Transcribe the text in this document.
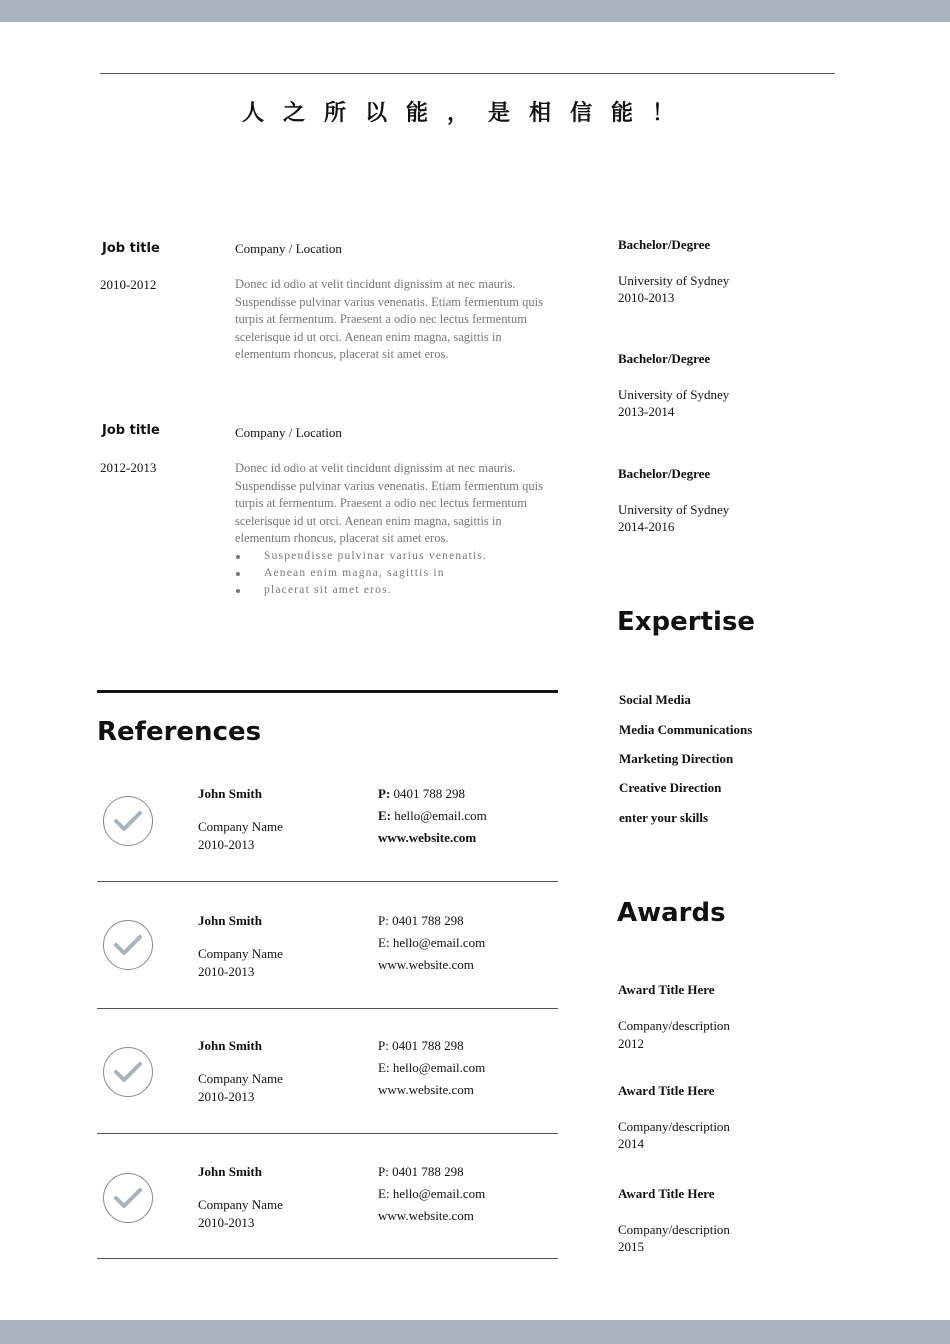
人之所以能，是相信能！
Job title	Company / Location
2010-2012	Donec id odio at velit tincidunt dignissim at nec mauris. Suspendisse pulvinar varius venenatis. Etiam fermentum quis turpis at fermentum. Praesent a odio nec lectus fermentum scelerisque id ut orci. Aenean enim magna, sagittis in elementum rhoncus, placerat sit amet eros.
Job title	Company / Location
2012-2013	Donec id odio at velit tincidunt dignissim at nec mauris. Suspendisse pulvinar varius venenatis. Etiam fermentum quis turpis at fermentum. Praesent a odio nec lectus fermentum scelerisque id ut orci. Aenean enim magna, sagittis in elementum rhoncus, placerat sit amet eros.
Suspendisse pulvinar varius venenatis.
Aenean enim magna, sagittis in
placerat sit amet eros.
Bachelor/Degree
University of Sydney
2010-2013
Bachelor/Degree
University of Sydney
2013-2014
Bachelor/Degree
University of Sydney
2014-2016
Expertise
Social Media
Media Communications
Marketing Direction
Creative Direction
enter your skills
References
John Smith
Company Name
2010-2013
P: 0401 788 298
E: hello@email.com
www.website.com
John Smith
Company Name
2010-2013
P: 0401 788 298
E: hello@email.com
www.website.com
John Smith
Company Name
2010-2013
P: 0401 788 298
E: hello@email.com
www.website.com
John Smith
Company Name
2010-2013
P: 0401 788 298
E: hello@email.com
www.website.com
Awards
Award Title Here
Company/description
2012
Award Title Here
Company/description
2014
Award Title Here
Company/description
2015
